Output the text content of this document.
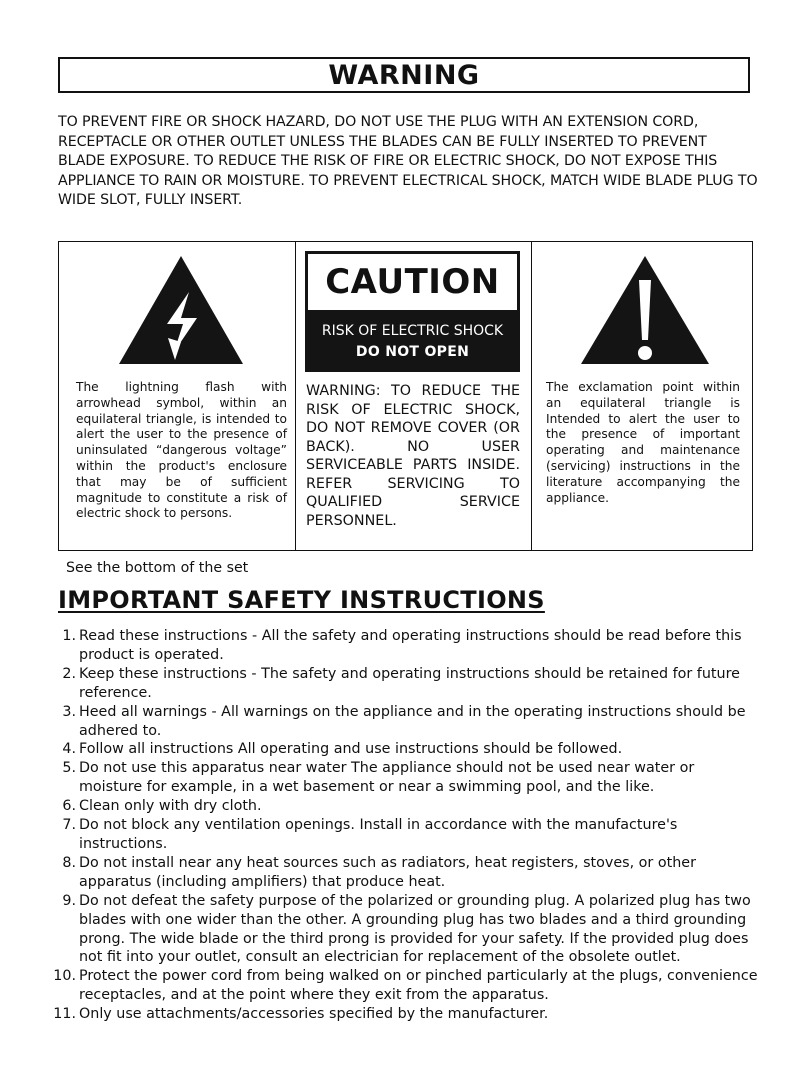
WARNING

TO PREVENT FIRE OR SHOCK HAZARD, DO NOT USE THE PLUG WITH AN EXTENSION CORD, RECEPTACLE OR OTHER OUTLET UNLESS THE BLADES CAN BE FULLY INSERTED TO PREVENT BLADE EXPOSURE. TO REDUCE THE RISK OF FIRE OR ELECTRIC SHOCK, DO NOT EXPOSE THIS APPLIANCE TO RAIN OR MOISTURE. TO PREVENT ELECTRICAL SHOCK, MATCH WIDE BLADE PLUG TO WIDE SLOT, FULLY INSERT.

The lightning flash with arrowhead symbol, within an equilateral triangle, is intended to alert the user to the presence of uninsulated “dangerous voltage” within the product's enclosure that may be of sufficient magnitude to constitute a risk of electric shock to persons.

CAUTION
RISK OF ELECTRIC SHOCK
DO NOT OPEN

WARNING: TO REDUCE THE RISK OF ELECTRIC SHOCK, DO NOT REMOVE COVER (OR BACK). NO USER SERVICEABLE PARTS INSIDE. REFER SERVICING TO QUALIFIED SERVICE PERSONNEL.

The exclamation point within an equilateral triangle is Intended to alert the user to the presence of important operating and maintenance (servicing) instructions in the literature accompanying the appliance.

See the bottom of the set
IMPORTANT SAFETY INSTRUCTIONS
1. Read these instructions - All the safety and operating instructions should be read before this product is operated.
2. Keep these instructions - The safety and operating instructions should be retained for future reference.
3. Heed all warnings - All warnings on the appliance and in the operating instructions should be adhered to.
4. Follow all instructions All operating and use instructions should be followed.
5. Do not use this apparatus near water The appliance should not be used near water or moisture for example, in a wet basement or near a swimming pool, and the like.
6. Clean only with dry cloth.
7. Do not block any ventilation openings. Install in accordance with the manufacture's instructions.
8. Do not install near any heat sources such as radiators, heat registers, stoves, or other apparatus (including amplifiers) that produce heat.
9. Do not defeat the safety purpose of the polarized or grounding plug. A polarized plug has two blades with one wider than the other. A grounding plug has two blades and a third grounding prong. The wide blade or the third prong is provided for your safety. If the provided plug does not fit into your outlet, consult an electrician for replacement of the obsolete outlet.
10. Protect the power cord from being walked on or pinched particularly at the plugs, convenience receptacles, and at the point where they exit from the apparatus.
11. Only use attachments/accessories specified by the manufacturer.
